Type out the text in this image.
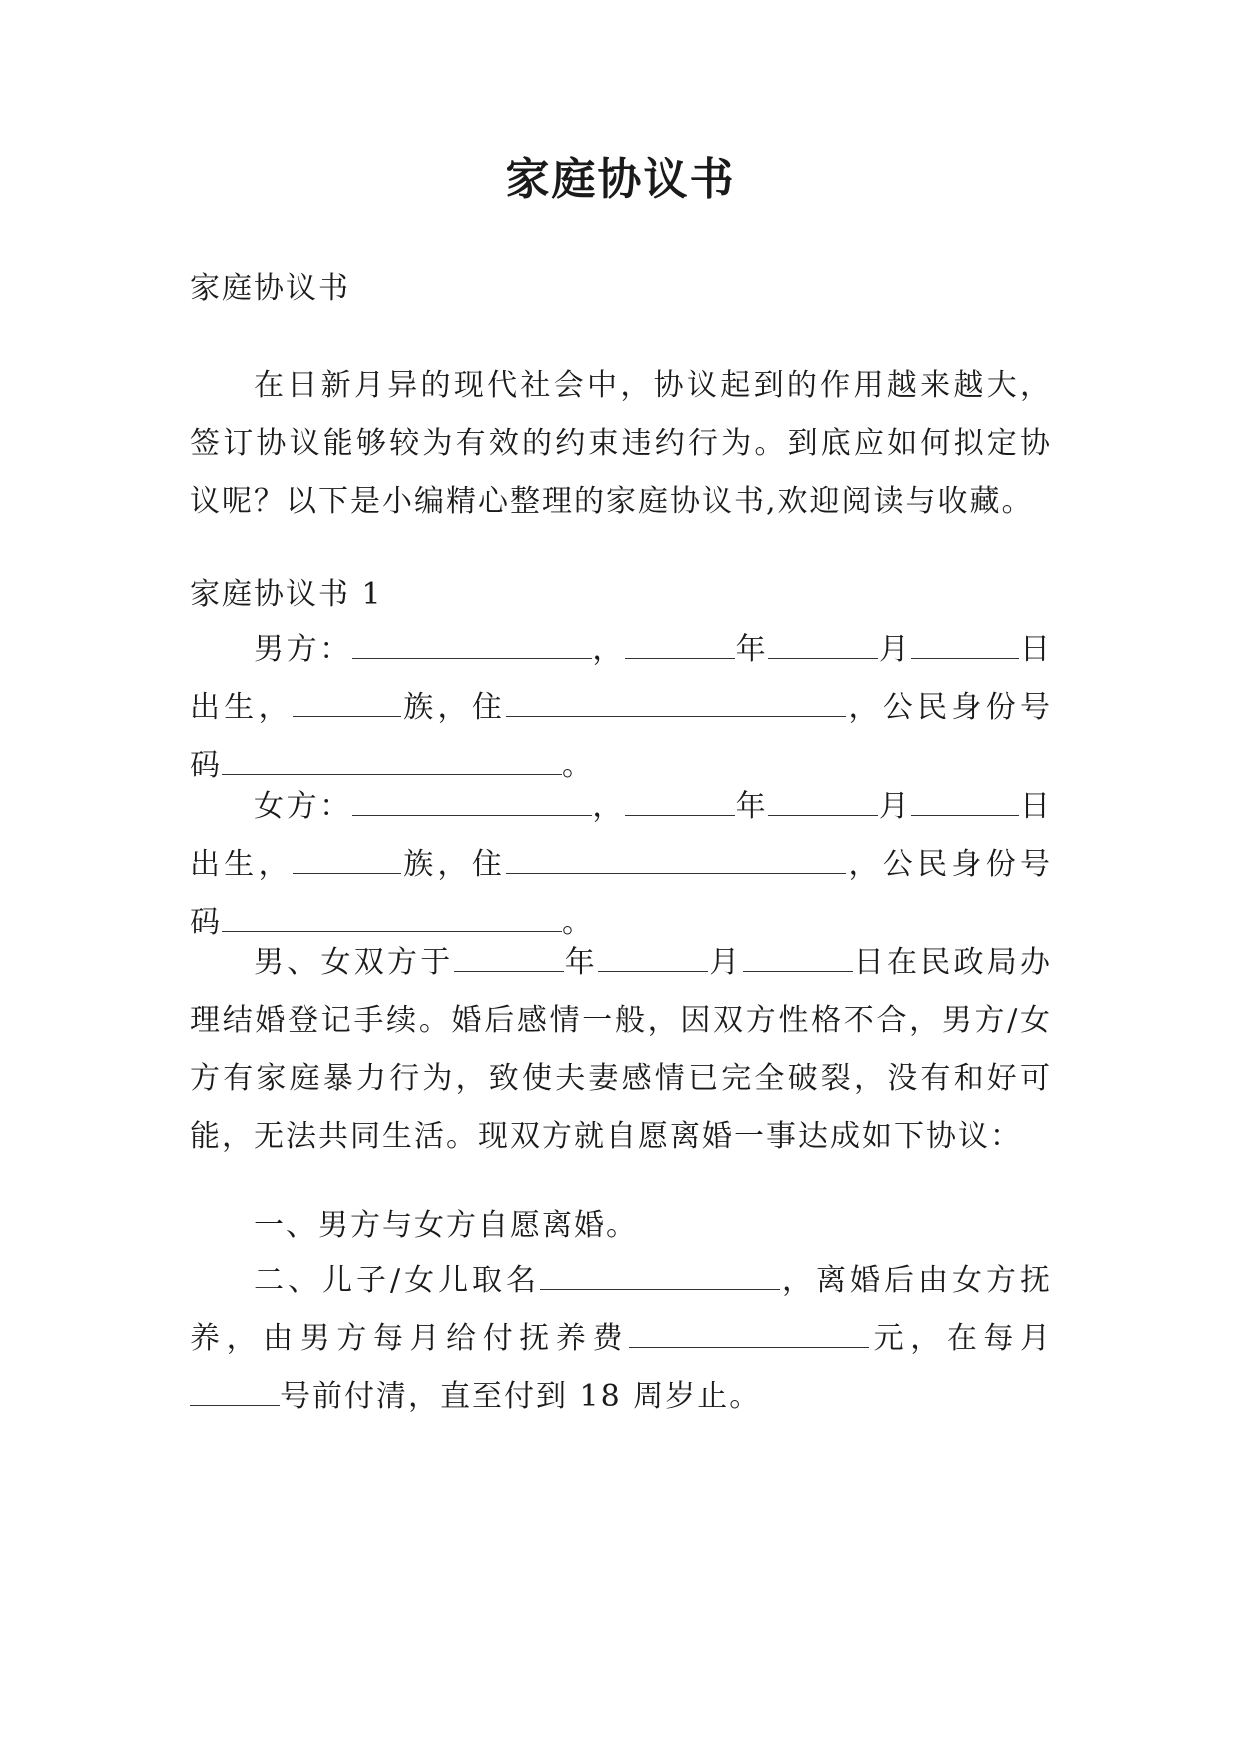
家庭协议书

家庭协议书

在日新月异的现代社会中，协议起到的作用越来越大，签订协议能够较为有效的约束违约行为。到底应如何拟定协议呢？以下是小编精心整理的家庭协议书,欢迎阅读与收藏。

家庭协议书 1

男方：	，	年	月	日出生，	族，住	，公民身份号码	。

女方：	，	年	月	日出生，	族，住	，公民身份号码	。

男、女双方于	年	月	日在民政局办理结婚登记手续。婚后感情一般，因双方性格不合，男方/女方有家庭暴力行为，致使夫妻感情已完全破裂，没有和好可能，无法共同生活。现双方就自愿离婚一事达成如下协议：

一、男方与女方自愿离婚。

二、儿子/女儿取名	，离婚后由女方抚养，由男方每月给付抚养费	元，在每月号前付清，直至付到 18 周岁止。
